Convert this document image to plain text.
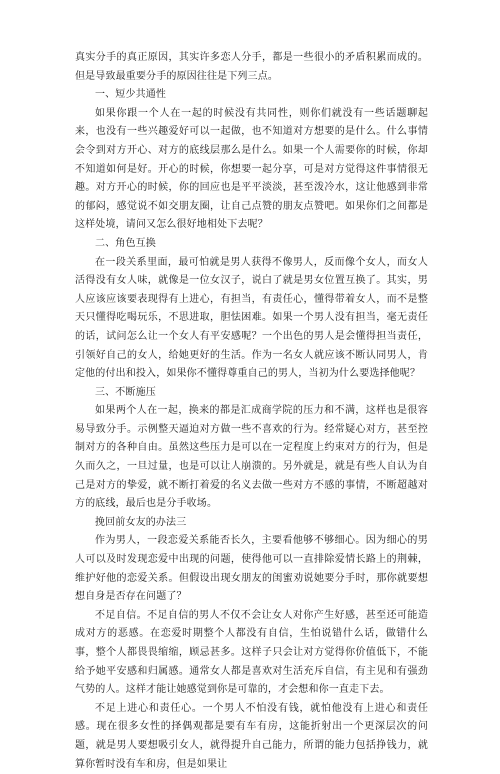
真实分手的真正原因，其实许多恋人分手，都是一些很小的矛盾积累而成的。但是导致最重要分手的原因往往是下列三点。

一、短少共通性

如果你跟一个人在一起的时候没有共同性，则你们就没有一些话题聊起来，也没有一些兴趣爱好可以一起做，也不知道对方想要的是什么。什么事情会令到对方开心、对方的底线层那么是什么。如果一个人需要你的时候，你却不知道如何是好。开心的时候，你想要一起分享，可是对方觉得这件事情很无趣。对方开心的时候，你的回应也是平平淡淡，甚至泼冷水，这让他感到非常的郁闷，感觉说不如交朋友圈，让自己点赞的朋友点赞吧。如果你们之间都是这样处境，请问又怎么很好地相处下去呢？

二、角色互换

在一段关系里面，最可怕就是男人获得不像男人，反而像个女人，而女人活得没有女人味，就像是一位女汉子，说白了就是男女位置互换了。其实，男人应该应该要表现得有上进心，有担当，有责任心，懂得带着女人，而不是整天只懂得吃喝玩乐，不思进取，胆怯困难。如果一个男人没有担当，毫无责任的话，试问怎么让一个女人有平安感呢？一个出色的男人是会懂得担当责任，引领好自己的女人，给她更好的生活。作为一名女人就应该不断认同男人，肯定他的付出和投入，如果你不懂得尊重自己的男人，当初为什么要选择他呢？

三、不断施压

如果两个人在一起，换来的都是汇成商学院的压力和不满，这样也是很容易导致分手。示例整天逼迫对方做一些不喜欢的行为。经常疑心对方，甚至控制对方的各种自由。虽然这些压力是可以在一定程度上约束对方的行为，但是久而久之，一旦过量，也是可以让人崩溃的。另外就是，就是有些人自认为自己是对方的挚爱，就不断打着爱的名义去做一些对方不感的事情，不断超越对方的底线，最后也是分手收场。

挽回前女友的办法三

作为男人，一段恋爱关系能否长久，主要看他够不够细心。因为细心的男人可以及时发现恋爱中出现的问题，使得他可以一直排除爱情长路上的荆棘，维护好他的恋爱关系。但假设出现女朋友的闺蜜劝说她要分手时，那你就要想想自身是否存在问题了？

不足自信。不足自信的男人不仅不会让女人对你产生好感，甚至还可能造成对方的恶感。在恋爱时期整个人都没有自信，生怕说错什么话，做错什么事，整个人都畏畏缩缩，顾忌甚多。这样子只会让对方觉得你价值低下，不能给予她平安感和归属感。通常女人都是喜欢对生活充斥自信，有主见和有强劲气势的人。这样才能让她感觉到你是可靠的，才会想和你一直走下去。

不足上进心和责任心。一个男人不怕没有钱，就怕他没有上进心和责任感。现在很多女性的择偶观都是要有车有房，这能折射出一个更深层次的问题，就是男人要想吸引女人，就得提升自己能力，所谓的能力包括挣钱力，就算你暂时没有车和房，但是如果让
